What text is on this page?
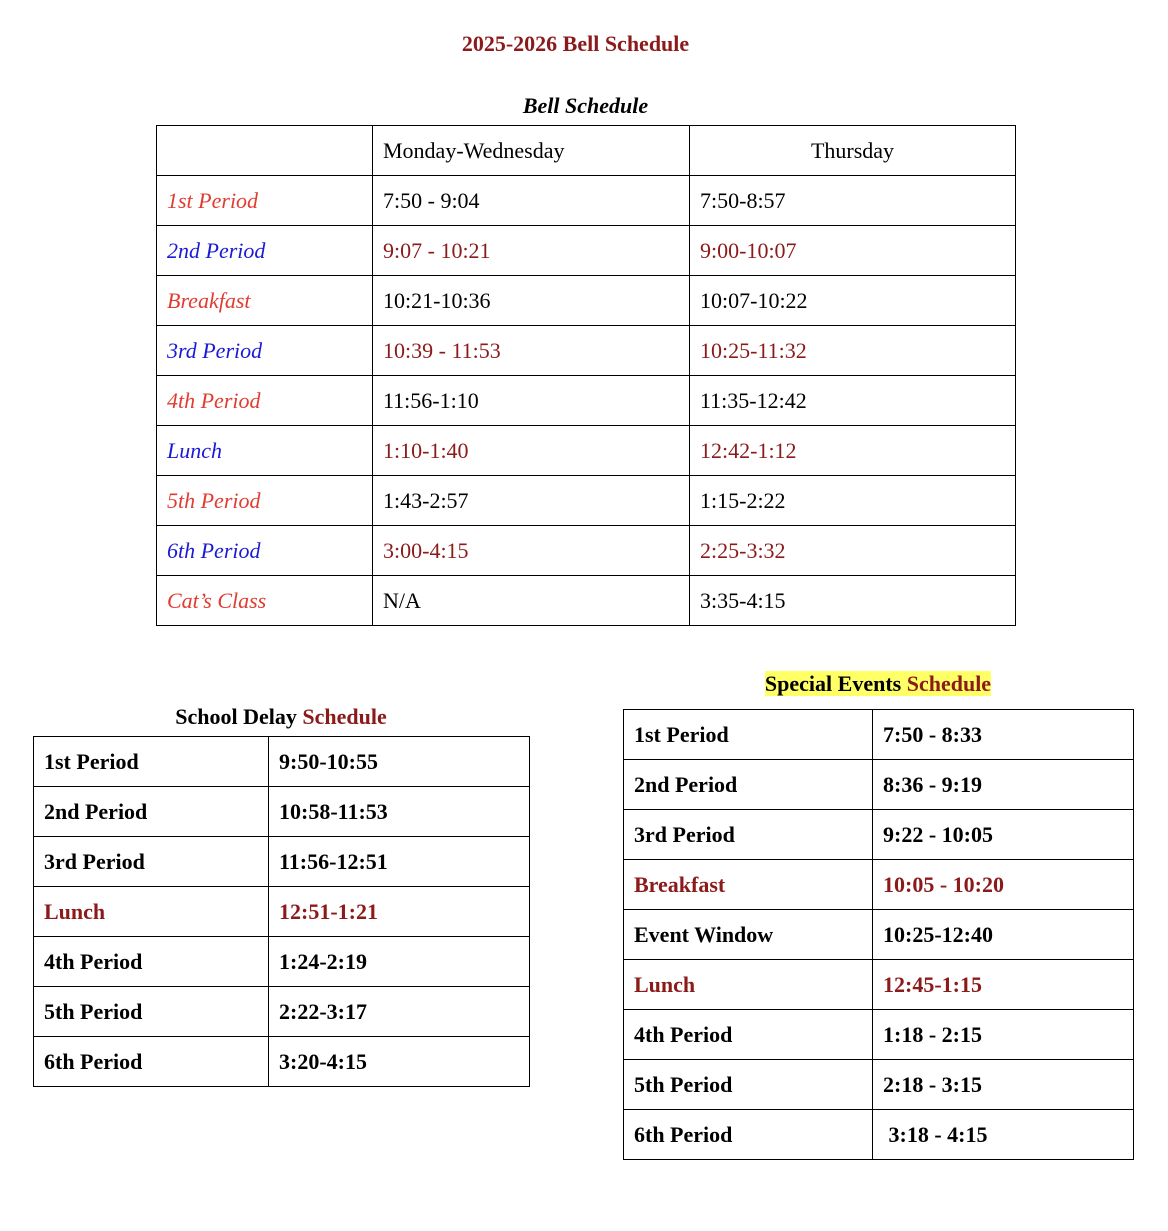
2025-2026 Bell Schedule
Bell Schedule
	Monday-Wednesday	Thursday
1st Period	7:50 - 9:04	7:50-8:57
2nd Period	9:07 - 10:21	9:00-10:07
Breakfast	10:21-10:36	10:07-10:22
3rd Period	10:39 - 11:53	10:25-11:32
4th Period	11:56-1:10	11:35-12:42
Lunch	1:10-1:40	12:42-1:12
5th Period	1:43-2:57	1:15-2:22
6th Period	3:00-4:15	2:25-3:32
Cat’s Class	N/A	3:35-4:15
School Delay Schedule
1st Period	9:50-10:55
2nd Period	10:58-11:53
3rd Period	11:56-12:51
Lunch	12:51-1:21
4th Period	1:24-2:19
5th Period	2:22-3:17
6th Period	3:20-4:15
Special Events Schedule
1st Period	7:50 - 8:33
2nd Period	8:36 - 9:19
3rd Period	9:22 - 10:05
Breakfast	10:05 - 10:20
Event Window	10:25-12:40
Lunch	12:45-1:15
4th Period	1:18 - 2:15
5th Period	2:18 - 3:15
6th Period	3:18 - 4:15
